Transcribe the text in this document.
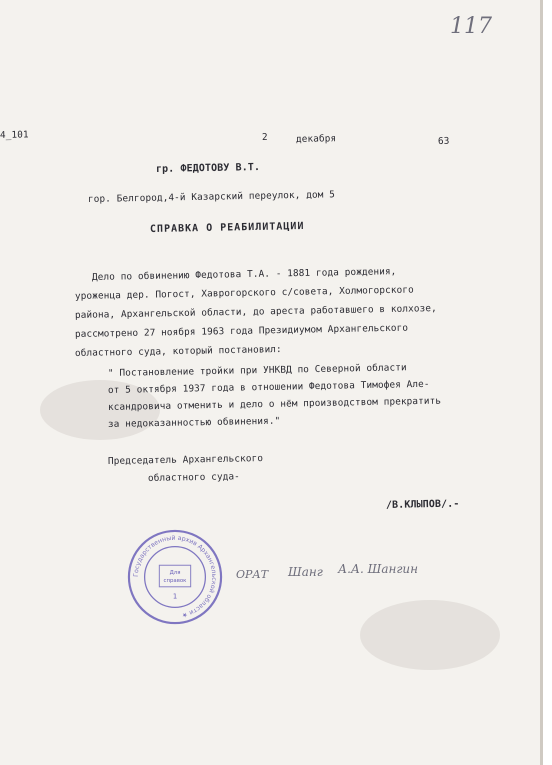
117
4_101	2	декабря	63
гр. ФЕДОТОВУ В.Т.
гор. Белгород,4-й Казарский переулок, дом 5
СПРАВКА О РЕАБИЛИТАЦИИ
Дело по обвинению Федотова Т.А. - 1881 года рождения,
уроженца дер. Погост, Хаврогорского с/совета, Холмогорского
района, Архангельской области, до ареста работавшего в колхозе,
рассмотрено 27 ноября 1963 года Президиумом Архангельского
областного суда, который постановил:
" Постановление тройки при УНКВД по Северной области
от 5 октября 1937 года в отношении Федотова Тимофея Але-
ксандровича отменить и дело о нём производством прекратить
за недоказанностью обвинения."
Председатель Архангельского
областного суда-
/В.КЛЫПОВ/.-
Государственный архив Архангельской области ★
Для
справок
1
ОРАТ Шанг А.А. Шангин
